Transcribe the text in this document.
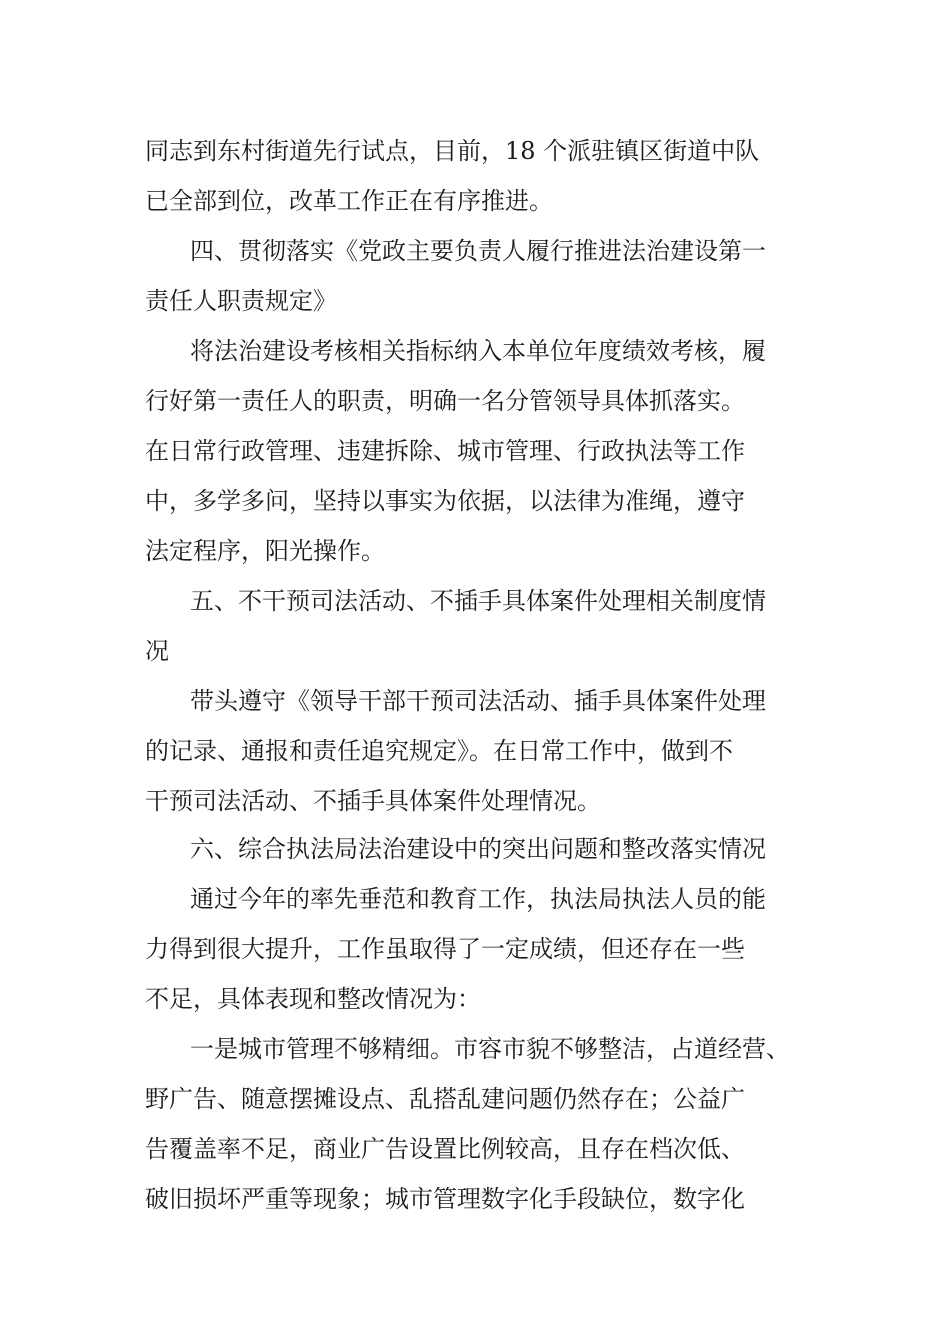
同志到东村街道先行试点，目前，18 个派驻镇区街道中队
已全部到位，改革工作正在有序推进。
四、贯彻落实《党政主要负责人履行推进法治建设第一
责任人职责规定》
将法治建设考核相关指标纳入本单位年度绩效考核，履
行好第一责任人的职责，明确一名分管领导具体抓落实。
在日常行政管理、违建拆除、城市管理、行政执法等工作
中，多学多问，坚持以事实为依据，以法律为准绳，遵守
法定程序，阳光操作。
五、不干预司法活动、不插手具体案件处理相关制度情
况
带头遵守《领导干部干预司法活动、插手具体案件处理
的记录、通报和责任追究规定》。在日常工作中，做到不
干预司法活动、不插手具体案件处理情况。
六、综合执法局法治建设中的突出问题和整改落实情况
通过今年的率先垂范和教育工作，执法局执法人员的能
力得到很大提升，工作虽取得了一定成绩，但还存在一些
不足，具体表现和整改情况为：
一是城市管理不够精细。市容市貌不够整洁，占道经营、
野广告、随意摆摊设点、乱搭乱建问题仍然存在；公益广
告覆盖率不足，商业广告设置比例较高，且存在档次低、
破旧损坏严重等现象；城市管理数字化手段缺位，数字化
